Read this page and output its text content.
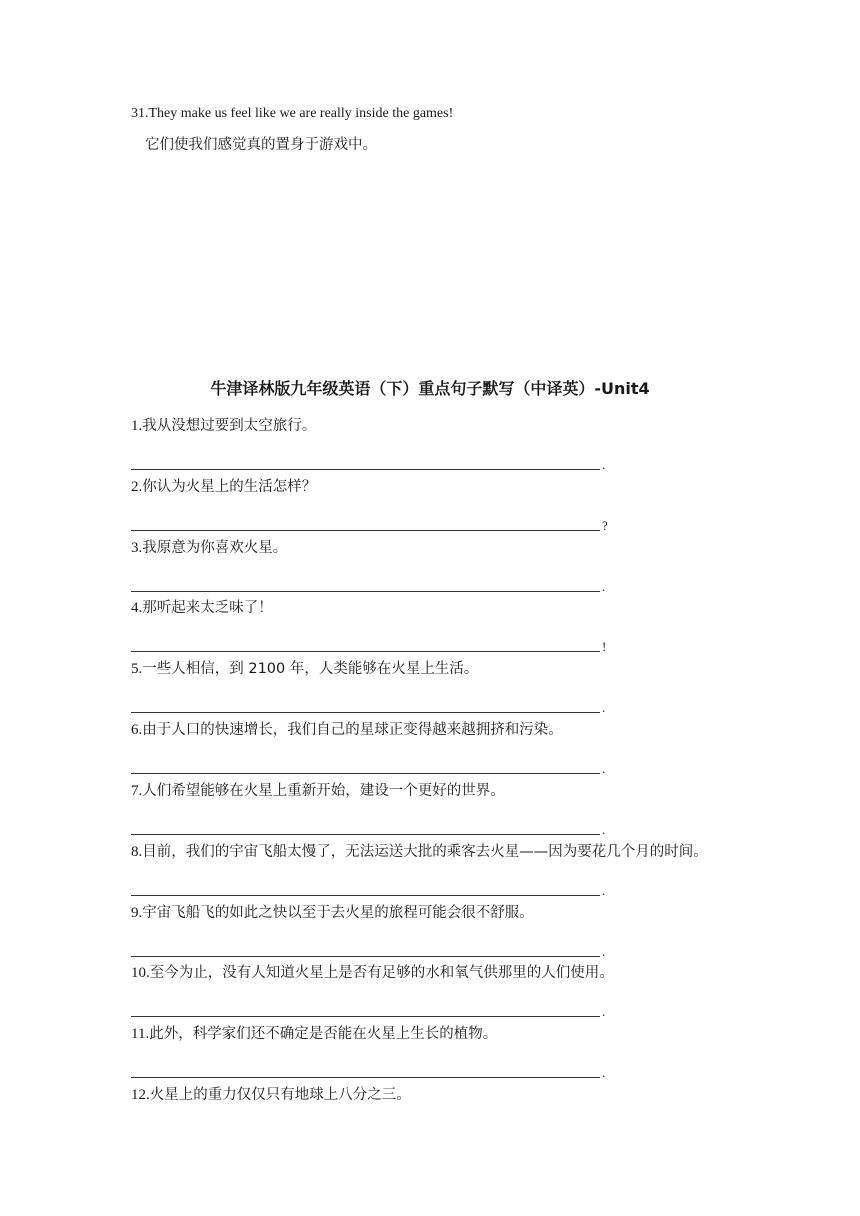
31.They make us feel like we are really inside the games!
它们使我们感觉真的置身于游戏中。
牛津译林版九年级英语（下）重点句子默写（中译英）-Unit4
1.我从没想过要到太空旅行。
.
2.你认为火星上的生活怎样？
?
3.我原意为你喜欢火星。
.
4.那听起来太乏味了！
!
5.一些人相信，到 2100 年，人类能够在火星上生活。
.
6.由于人口的快速增长，我们自己的星球正变得越来越拥挤和污染。
.
7.人们希望能够在火星上重新开始，建设一个更好的世界。
.
8.目前，我们的宇宙飞船太慢了，无法运送大批的乘客去火星——因为要花几个月的时间。
.
9.宇宙飞船飞的如此之快以至于去火星的旅程可能会很不舒服。
.
10.至今为止，没有人知道火星上是否有足够的水和氧气供那里的人们使用。
.
11.此外，科学家们还不确定是否能在火星上生长的植物。
.
12.火星上的重力仅仅只有地球上八分之三。
